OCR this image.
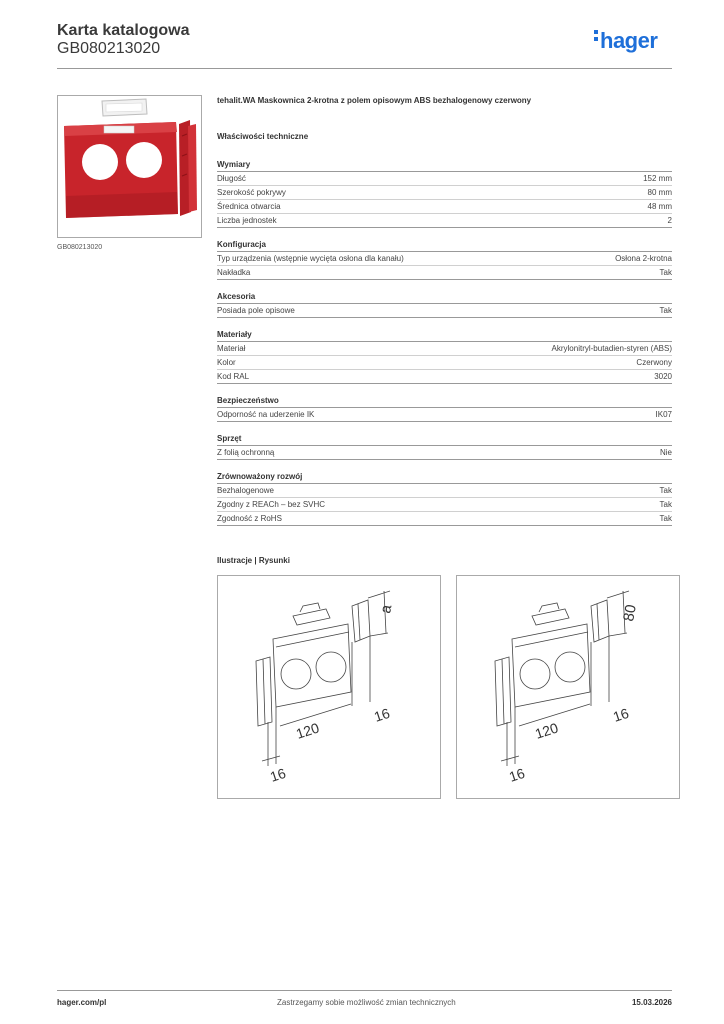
Karta katalogowa
GB080213020	hager
GB080213020
tehalit.WA Maskownica 2-krotna z polem opisowym ABS bezhalogenowy czerwony
Właściwości techniczne
Wymiary
Długość	152 mm
Szerokość pokrywy	80 mm
Średnica otwarcia	48 mm
Liczba jednostek	2
Konfiguracja
Typ urządzenia (wstępnie wycięta osłona dla kanału)	Osłona 2-krotna
Nakładka	Tak
Akcesoria
Posiada pole opisowe	Tak
Materiały
Materiał	Akrylonitryl-butadien-styren (ABS)
Kolor	Czerwony
Kod RAL	3020
Bezpieczeństwo
Odporność na uderzenie IK	IK07
Sprzęt
Z folią ochronną	Nie
Zrównoważony rozwój
Bezhalogenowe	Tak
Zgodny z REACh – bez SVHC	Tak
Zgodność z RoHS	Tak
Ilustracje | Rysunki
a
120
16
16
80
120
16
16
hager.com/pl	Zastrzegamy sobie możliwość zmian technicznych	15.03.2026
